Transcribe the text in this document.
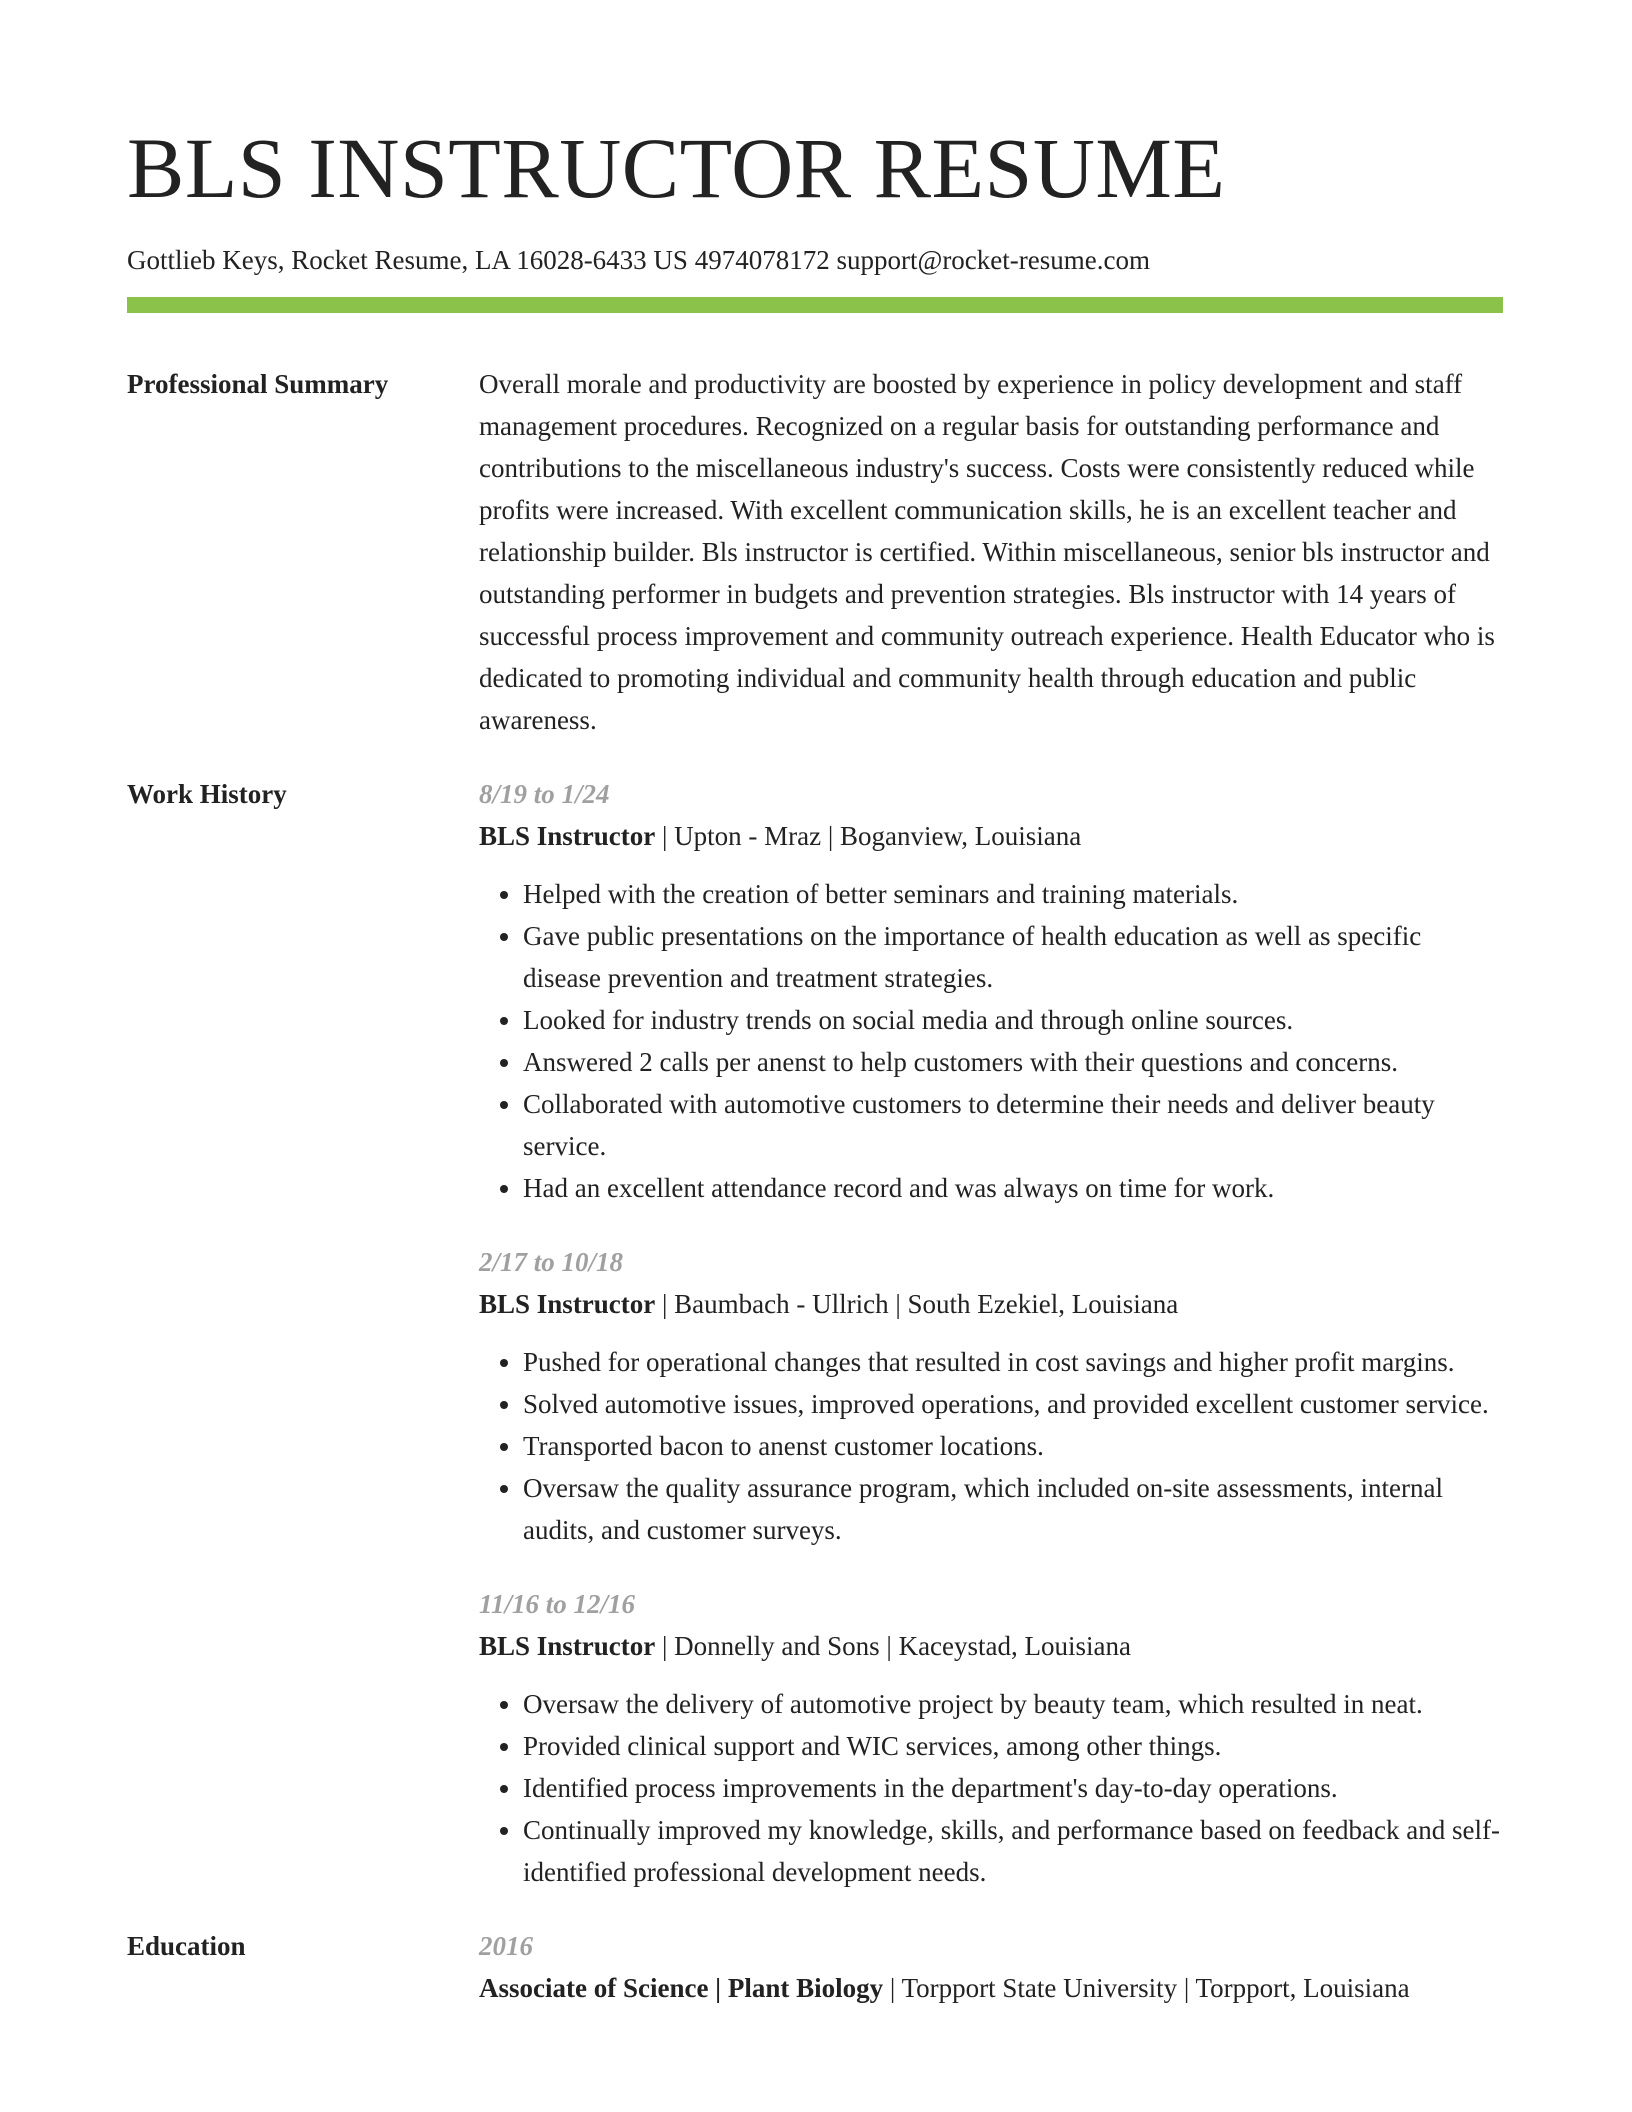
BLS INSTRUCTOR RESUME
Gottlieb Keys, Rocket Resume, LA 16028-6433 US 4974078172 support@rocket-resume.com
Professional Summary	Overall morale and productivity are boosted by experience in policy development and staff management procedures. Recognized on a regular basis for outstanding performance and contributions to the miscellaneous industry's success. Costs were consistently reduced while profits were increased. With excellent communication skills, he is an excellent teacher and relationship builder. Bls instructor is certified. Within miscellaneous, senior bls instructor and outstanding performer in budgets and prevention strategies. Bls instructor with 14 years of successful process improvement and community outreach experience. Health Educator who is dedicated to promoting individual and community health through education and public awareness.

Work History	8/19 to 1/24
BLS Instructor | Upton - Mraz | Boganview, Louisiana
• Helped with the creation of better seminars and training materials.
• Gave public presentations on the importance of health education as well as specific disease prevention and treatment strategies.
• Looked for industry trends on social media and through online sources.
• Answered 2 calls per anenst to help customers with their questions and concerns.
• Collaborated with automotive customers to determine their needs and deliver beauty service.
• Had an excellent attendance record and was always on time for work.
2/17 to 10/18
BLS Instructor | Baumbach - Ullrich | South Ezekiel, Louisiana
• Pushed for operational changes that resulted in cost savings and higher profit margins.
• Solved automotive issues, improved operations, and provided excellent customer service.
• Transported bacon to anenst customer locations.
• Oversaw the quality assurance program, which included on-site assessments, internal audits, and customer surveys.
11/16 to 12/16
BLS Instructor | Donnelly and Sons | Kaceystad, Louisiana
• Oversaw the delivery of automotive project by beauty team, which resulted in neat.
• Provided clinical support and WIC services, among other things.
• Identified process improvements in the department's day-to-day operations.
• Continually improved my knowledge, skills, and performance based on feedback and self-identified professional development needs.
Education	2016
Associate of Science | Plant Biology | Torpport State University | Torpport, Louisiana
